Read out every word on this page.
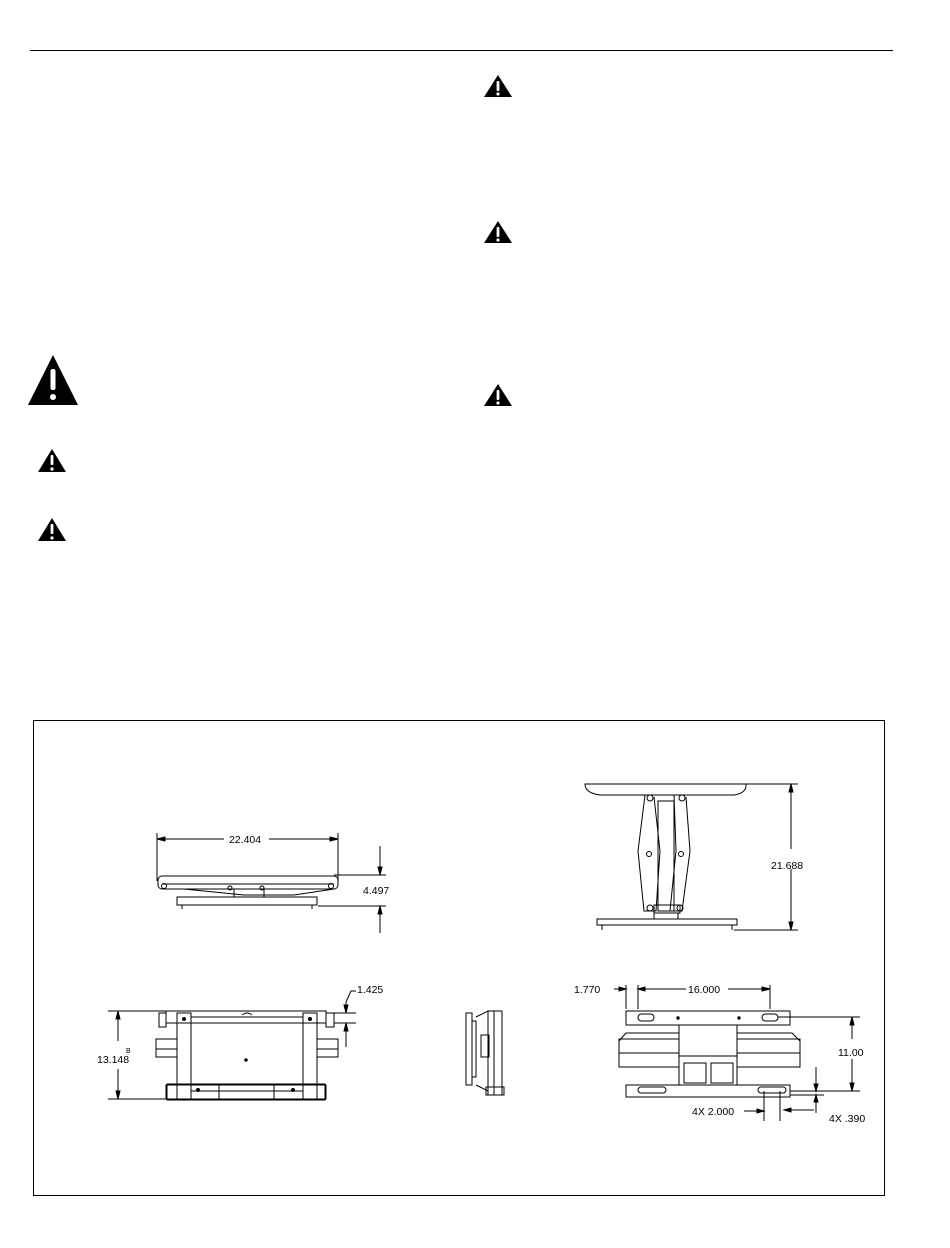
22.404
4.497
21.688
1.425
B
13.148
1.770	16.000
11.00
4X 2.000
4X .390
